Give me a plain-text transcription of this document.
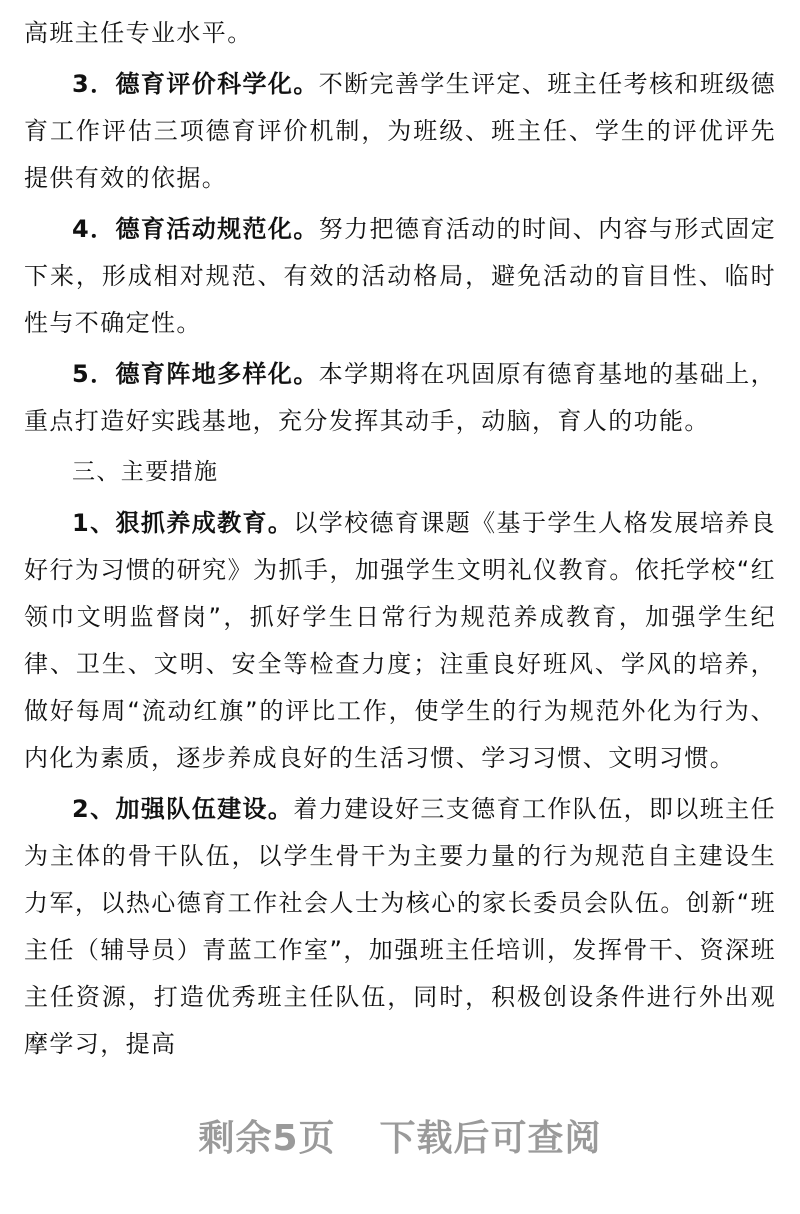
高班主任专业水平。

3．德育评价科学化。不断完善学生评定、班主任考核和班级德育工作评估三项德育评价机制，为班级、班主任、学生的评优评先提供有效的依据。

4．德育活动规范化。努力把德育活动的时间、内容与形式固定下来，形成相对规范、有效的活动格局，避免活动的盲目性、临时性与不确定性。

5．德育阵地多样化。本学期将在巩固原有德育基地的基础上，重点打造好实践基地，充分发挥其动手，动脑，育人的功能。

三、主要措施

1、狠抓养成教育。以学校德育课题《基于学生人格发展培养良好行为习惯的研究》为抓手，加强学生文明礼仪教育。依托学校“红领巾文明监督岗”，抓好学生日常行为规范养成教育，加强学生纪律、卫生、文明、安全等检查力度；注重良好班风、学风的培养，做好每周“流动红旗”的评比工作，使学生的行为规范外化为行为、内化为素质，逐步养成良好的生活习惯、学习习惯、文明习惯。

2、加强队伍建设。着力建设好三支德育工作队伍，即以班主任为主体的骨干队伍，以学生骨干为主要力量的行为规范自主建设生力军，以热心德育工作社会人士为核心的家长委员会队伍。创新“班主任（辅导员）青蓝工作室”，加强班主任培训，发挥骨干、资深班主任资源，打造优秀班主任队伍，同时，积极创设条件进行外出观摩学习，提高

剩余5页 下载后可查阅
